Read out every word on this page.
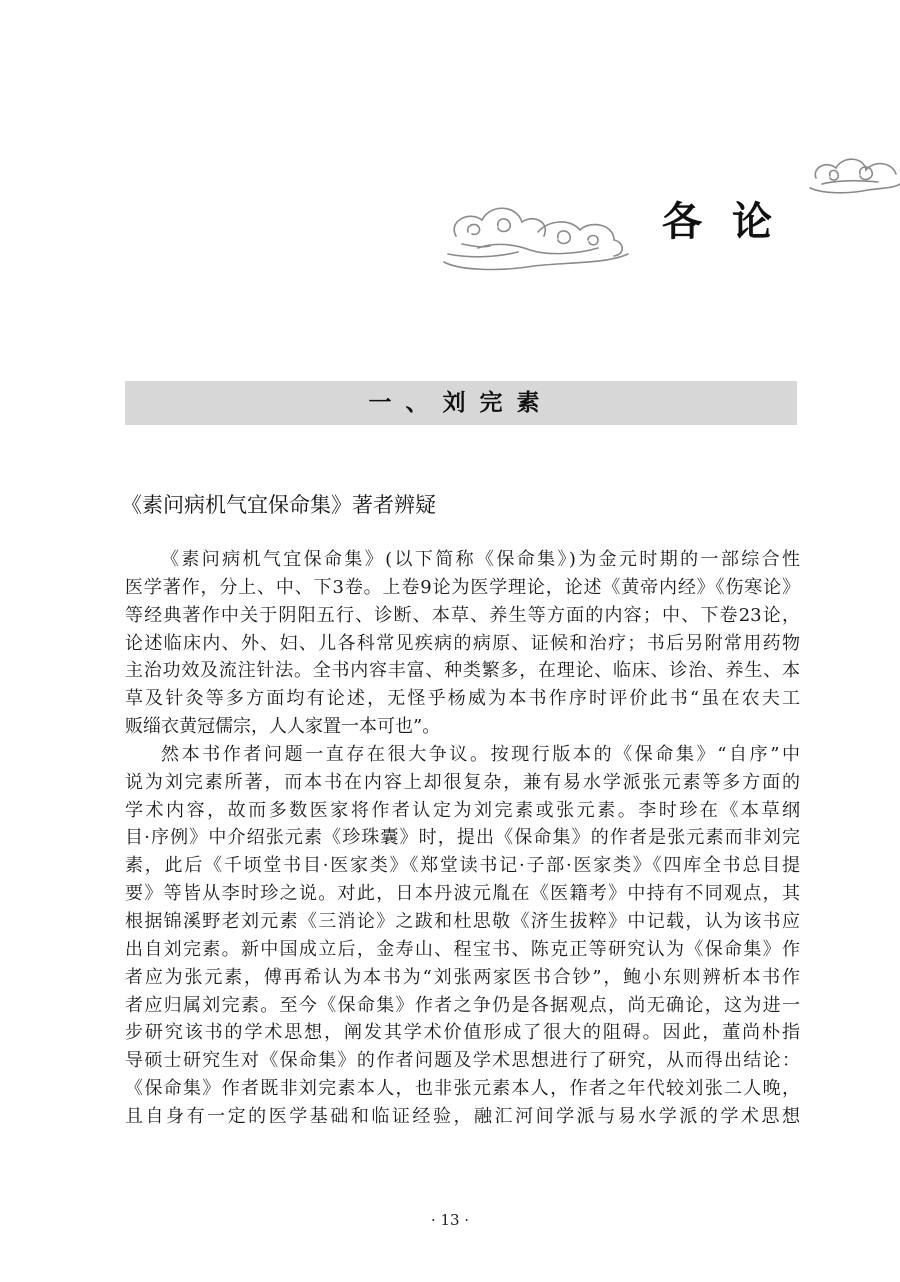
各论
一、刘完素
《素问病机气宜保命集》著者辨疑
《素问病机气宜保命集》(以下简称《保命集》)为金元时期的一部综合性
医学著作，分上、中、下3卷。上卷9论为医学理论，论述《黄帝内经》《伤寒论》
等经典著作中关于阴阳五行、诊断、本草、养生等方面的内容；中、下卷23论，
论述临床内、外、妇、儿各科常见疾病的病原、证候和治疗；书后另附常用药物
主治功效及流注针法。全书内容丰富、种类繁多，在理论、临床、诊治、养生、本
草及针灸等多方面均有论述，无怪乎杨威为本书作序时评价此书“虽在农夫工
贩缁衣黄冠儒宗，人人家置一本可也”。
然本书作者问题一直存在很大争议。按现行版本的《保命集》“自序”中
说为刘完素所著，而本书在内容上却很复杂，兼有易水学派张元素等多方面的
学术内容，故而多数医家将作者认定为刘完素或张元素。李时珍在《本草纲
目·序例》中介绍张元素《珍珠囊》时，提出《保命集》的作者是张元素而非刘完
素，此后《千顷堂书目·医家类》《郑堂读书记·子部·医家类》《四库全书总目提
要》等皆从李时珍之说。对此，日本丹波元胤在《医籍考》中持有不同观点，其
根据锦溪野老刘元素《三消论》之跋和杜思敬《济生拔粹》中记载，认为该书应
出自刘完素。新中国成立后，金寿山、程宝书、陈克正等研究认为《保命集》作
者应为张元素，傅再希认为本书为“刘张两家医书合钞”，鲍小东则辨析本书作
者应归属刘完素。至今《保命集》作者之争仍是各据观点，尚无确论，这为进一
步研究该书的学术思想，阐发其学术价值形成了很大的阻碍。因此，董尚朴指
导硕士研究生对《保命集》的作者问题及学术思想进行了研究，从而得出结论：
《保命集》作者既非刘完素本人，也非张元素本人，作者之年代较刘张二人晚，
且自身有一定的医学基础和临证经验，融汇河间学派与易水学派的学术思想
· 13 ·
